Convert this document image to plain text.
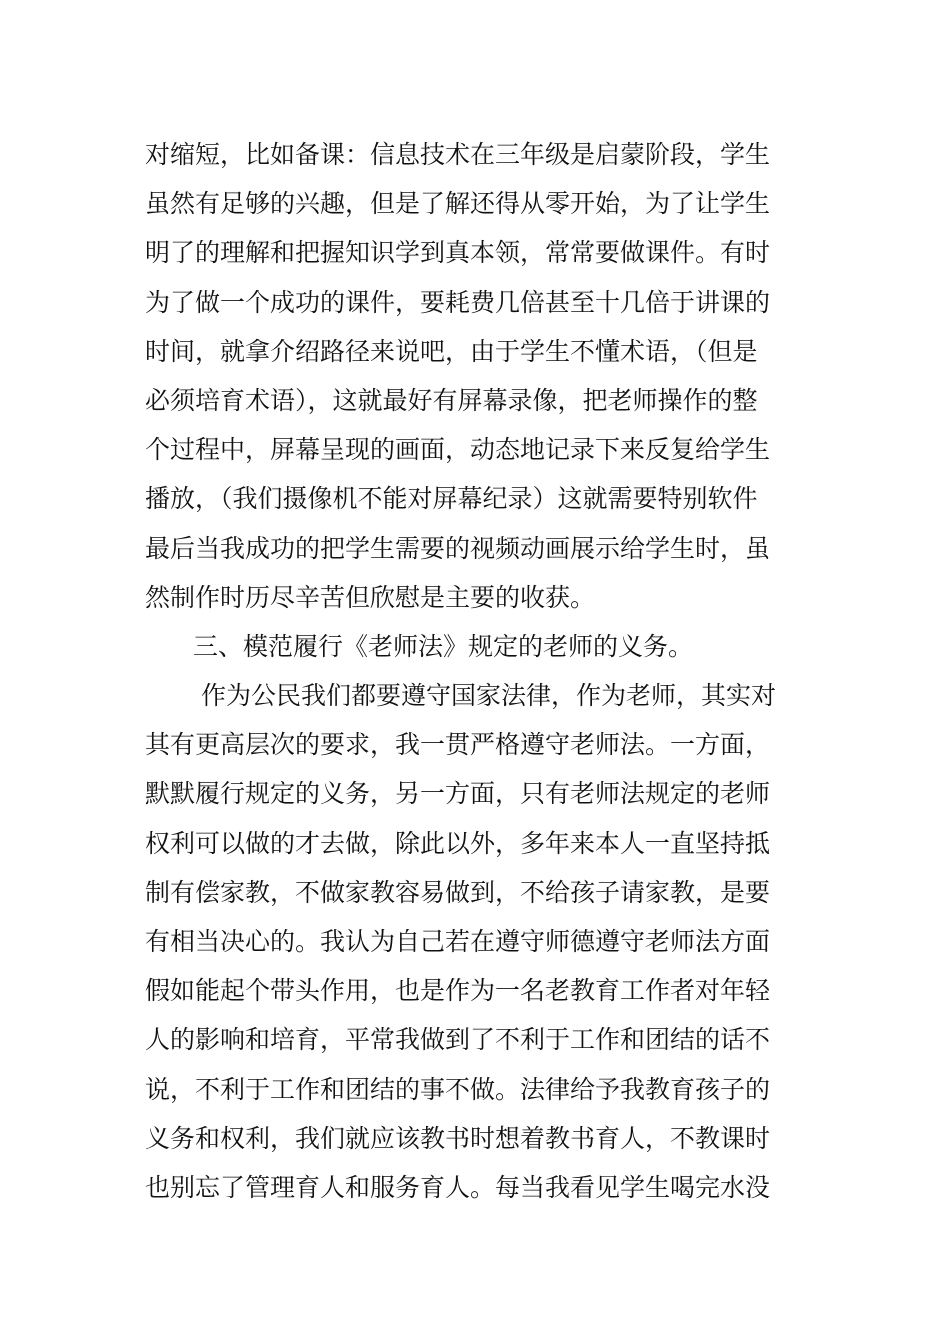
对缩短，比如备课：信息技术在三年级是启蒙阶段，学生
虽然有足够的兴趣，但是了解还得从零开始，为了让学生
明了的理解和把握知识学到真本领，常常要做课件。有时
为了做一个成功的课件，要耗费几倍甚至十几倍于讲课的
时间，就拿介绍路径来说吧，由于学生不懂术语，（但是
必须培育术语），这就最好有屏幕录像，把老师操作的整
个过程中，屏幕呈现的画面，动态地记录下来反复给学生
播放，（我们摄像机不能对屏幕纪录）这就需要特别软件
最后当我成功的把学生需要的视频动画展示给学生时，虽
然制作时历尽辛苦但欣慰是主要的收获。
三、模范履行《老师法》规定的老师的义务。
作为公民我们都要遵守国家法律，作为老师，其实对
其有更高层次的要求，我一贯严格遵守老师法。一方面，
默默履行规定的义务，另一方面，只有老师法规定的老师
权利可以做的才去做，除此以外，多年来本人一直坚持抵
制有偿家教，不做家教容易做到，不给孩子请家教，是要
有相当决心的。我认为自己若在遵守师德遵守老师法方面
假如能起个带头作用，也是作为一名老教育工作者对年轻
人的影响和培育，平常我做到了不利于工作和团结的话不
说，不利于工作和团结的事不做。法律给予我教育孩子的
义务和权利，我们就应该教书时想着教书育人，不教课时
也别忘了管理育人和服务育人。每当我看见学生喝完水没
